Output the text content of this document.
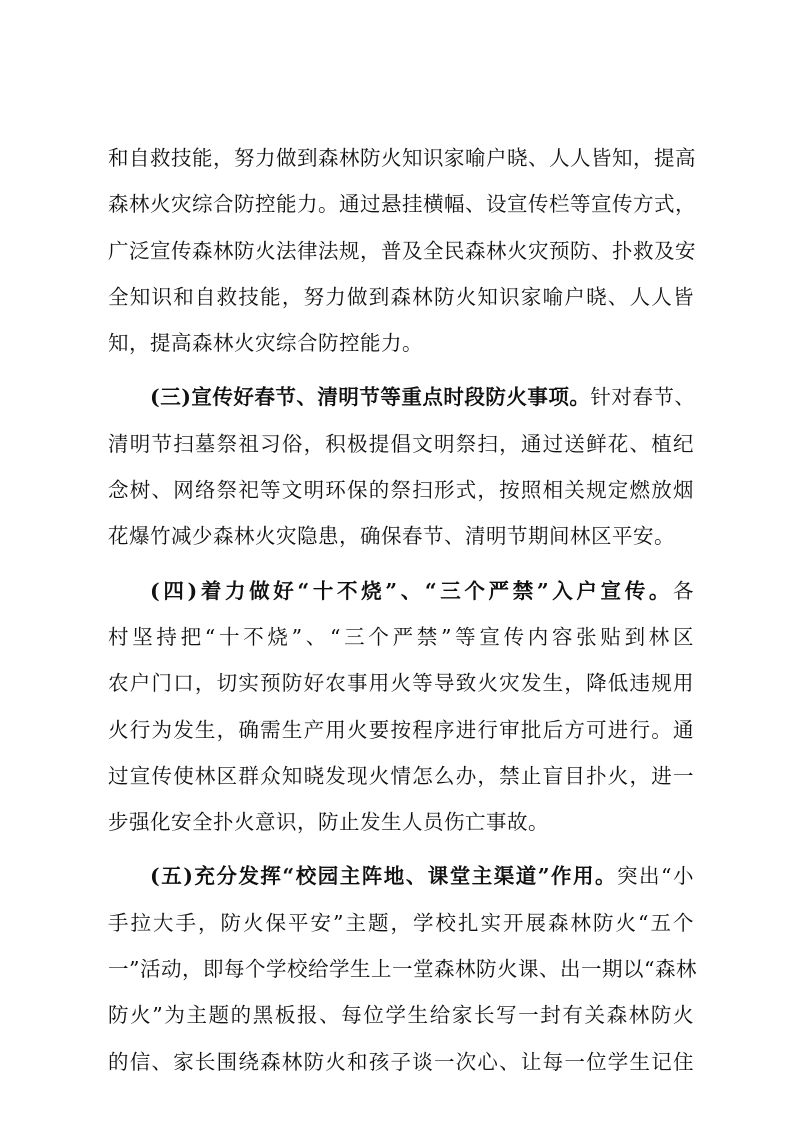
和自救技能，努力做到森林防火知识家喻户晓、人人皆知，提高
森林火灾综合防控能力。通过悬挂横幅、设宣传栏等宣传方式，
广泛宣传森林防火法律法规，普及全民森林火灾预防、扑救及安
全知识和自救技能，努力做到森林防火知识家喻户晓、人人皆
知，提高森林火灾综合防控能力。
(三)宣传好春节、清明节等重点时段防火事项。针对春节、
清明节扫墓祭祖习俗，积极提倡文明祭扫，通过送鲜花、植纪
念树、网络祭祀等文明环保的祭扫形式，按照相关规定燃放烟
花爆竹减少森林火灾隐患，确保春节、清明节期间林区平安。
(四)着力做好“十不烧”、“三个严禁”入户宣传。各
村坚持把“十不烧”、“三个严禁”等宣传内容张贴到林区
农户门口，切实预防好农事用火等导致火灾发生，降低违规用
火行为发生，确需生产用火要按程序进行审批后方可进行。通
过宣传使林区群众知晓发现火情怎么办，禁止盲目扑火，进一
步强化安全扑火意识，防止发生人员伤亡事故。
(五)充分发挥“校园主阵地、课堂主渠道”作用。突出“小
手拉大手，防火保平安”主题，学校扎实开展森林防火“五个
一”活动，即每个学校给学生上一堂森林防火课、出一期以“森林
防火”为主题的黑板报、每位学生给家长写一封有关森林防火
的信、家长围绕森林防火和孩子谈一次心、让每一位学生记住
